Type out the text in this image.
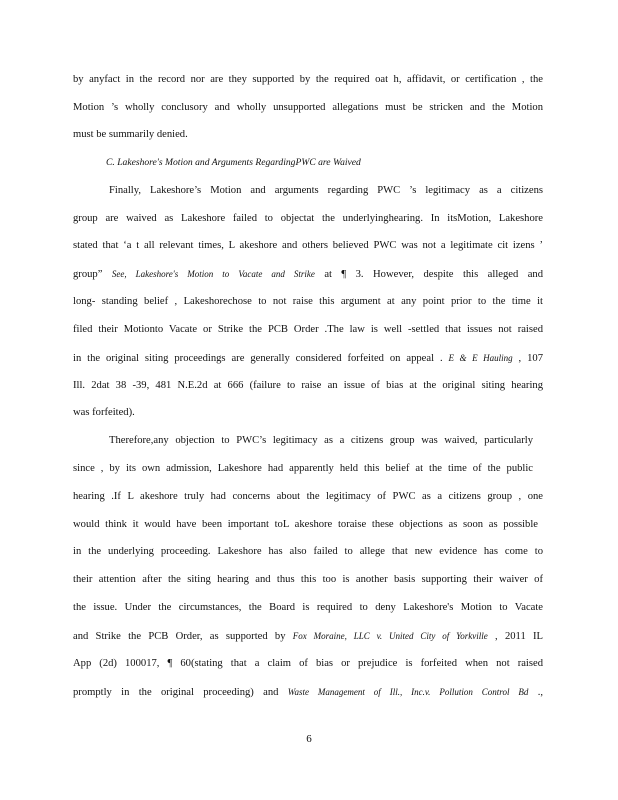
by anyfact in the record nor are they supported by the required oat h, affidavit, or certification , the
Motion ’s wholly conclusory and wholly unsupported allegations must be stricken and the Motion
must be summarily denied.
C. Lakeshore's Motion and Arguments RegardingPWC are Waived
Finally, Lakeshore’s Motion and arguments regarding PWC ’s legitimacy as a citizens
group are waived as Lakeshore failed to objectat the underlyinghearing. In itsMotion, Lakeshore
stated that ‘a t all relevant times, L akeshore and others believed PWC was not a legitimate cit izens ’
group” See, Lakeshore's Motion to Vacate and Strike at ¶ 3. However, despite this alleged and
long- standing belief , Lakeshorechose to not raise this argument at any point prior to the time it
filed their Motionto Vacate or Strike the PCB Order .The law is well -settled that issues not raised
in the original siting proceedings are generally considered forfeited on appeal . E & E Hauling , 107
Ill. 2dat 38 -39, 481 N.E.2d at 666 (failure to raise an issue of bias at the original siting hearing
was forfeited).
Therefore,any objection to PWC’s legitimacy as a citizens group was waived, particularly
since , by its own admission, Lakeshore had apparently held this belief at the time of the public
hearing .If L akeshore truly had concerns about the legitimacy of PWC as a citizens group , one
would think it would have been important toL akeshore toraise these objections as soon as possible
in the underlying proceeding. Lakeshore has also failed to allege that new evidence has come to
their attention after the siting hearing and thus this too is another basis supporting their waiver of
the issue. Under the circumstances, the Board is required to deny Lakeshore's Motion to Vacate
and Strike the PCB Order, as supported by Fox Moraine, LLC v. United City of Yorkville , 2011 IL
App (2d) 100017, ¶ 60(stating that a claim of bias or prejudice is forfeited when not raised
promptly in the original proceeding) and Waste Management of Ill., Inc.v. Pollution Control Bd .,
6
